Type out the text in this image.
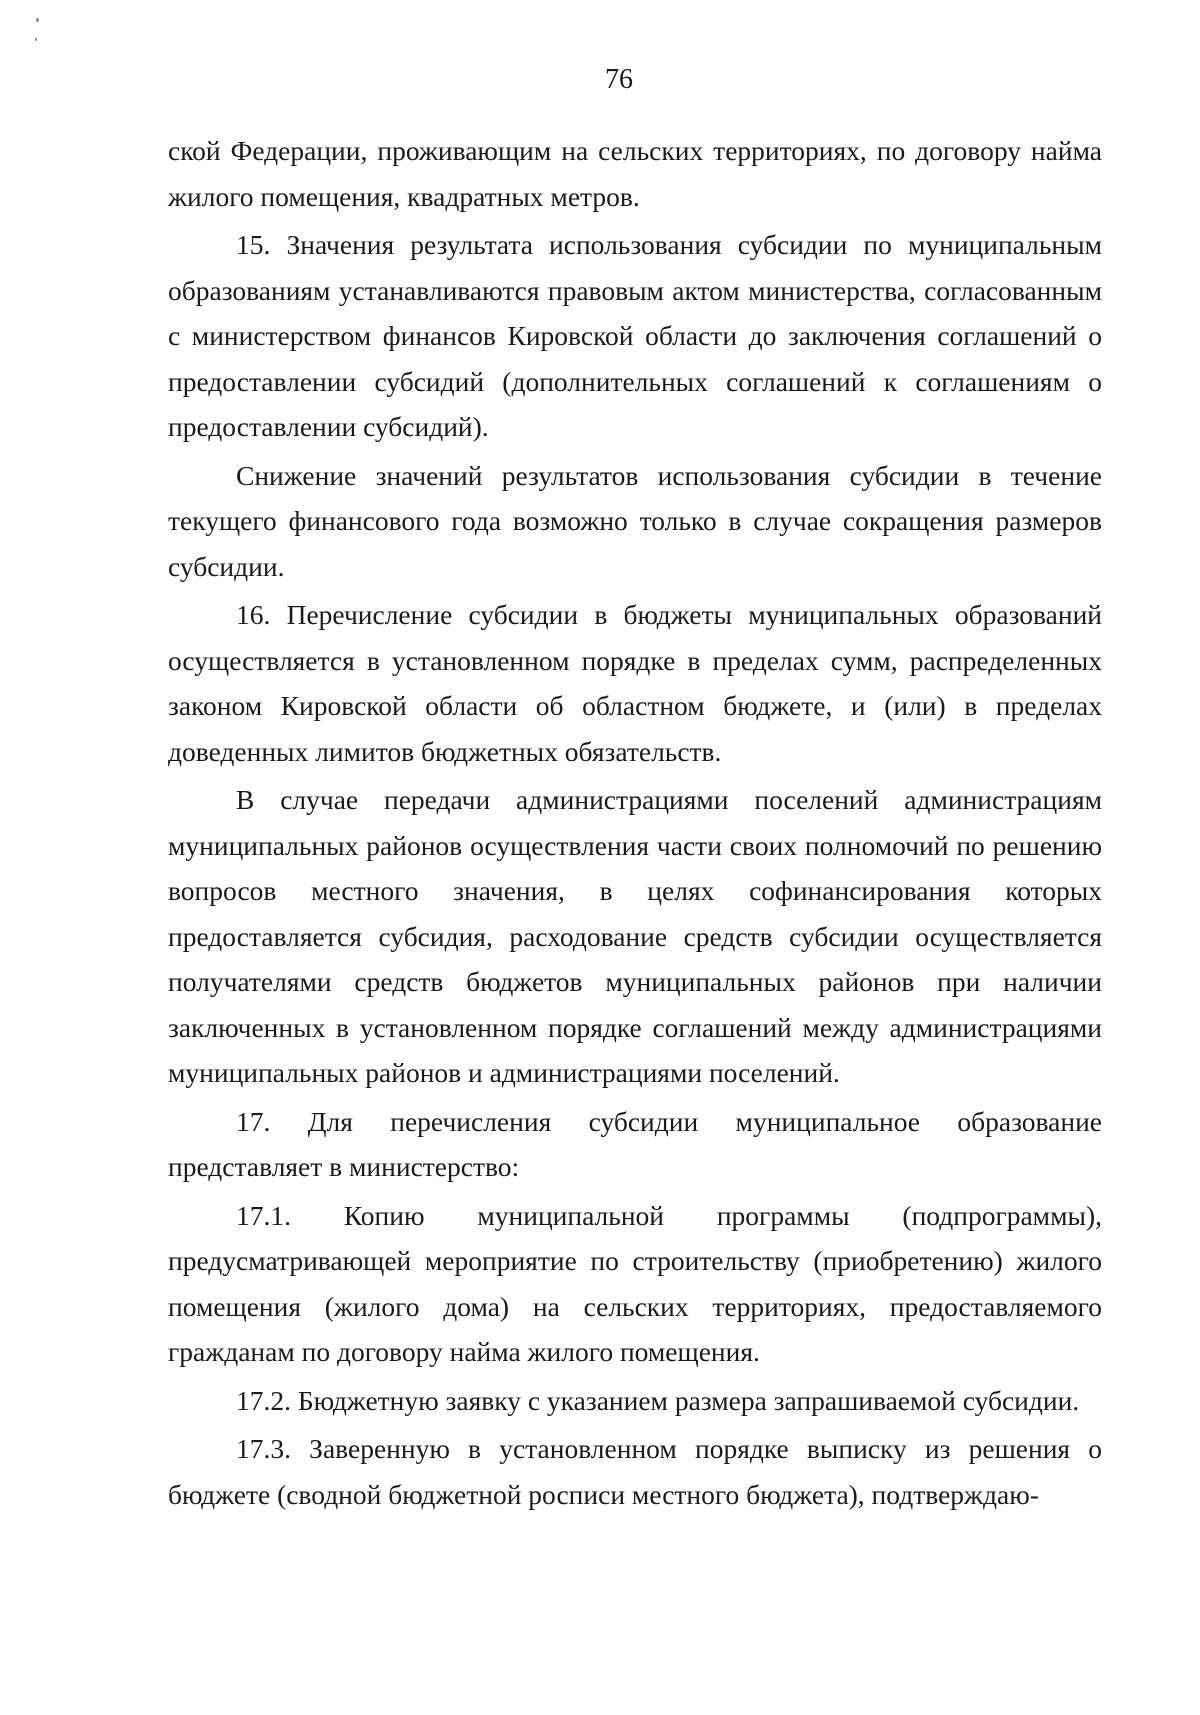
76

ской Федерации, проживающим на сельских территориях, по договору найма жилого помещения, квадратных метров.

15. Значения результата использования субсидии по муниципальным образованиям устанавливаются правовым актом министерства, согласованным с министерством финансов Кировской области до заключения соглашений о предоставлении субсидий (дополнительных соглашений к соглашениям о предоставлении субсидий).

Снижение значений результатов использования субсидии в течение текущего финансового года возможно только в случае сокращения размеров субсидии.

16. Перечисление субсидии в бюджеты муниципальных образований осуществляется в установленном порядке в пределах сумм, распределенных законом Кировской области об областном бюджете, и (или) в пределах доведенных лимитов бюджетных обязательств.

В случае передачи администрациями поселений администрациям муниципальных районов осуществления части своих полномочий по решению вопросов местного значения, в целях софинансирования которых предоставляется субсидия, расходование средств субсидии осуществляется получателями средств бюджетов муниципальных районов при наличии заключенных в установленном порядке соглашений между администрациями муниципальных районов и администрациями поселений.

17. Для перечисления субсидии муниципальное образование представляет в министерство:

17.1. Копию муниципальной программы (подпрограммы), предусматривающей мероприятие по строительству (приобретению) жилого помещения (жилого дома) на сельских территориях, предоставляемого гражданам по договору найма жилого помещения.

17.2. Бюджетную заявку с указанием размера запрашиваемой субсидии.

17.3. Заверенную в установленном порядке выписку из решения о бюджете (сводной бюджетной росписи местного бюджета), подтверждаю-
